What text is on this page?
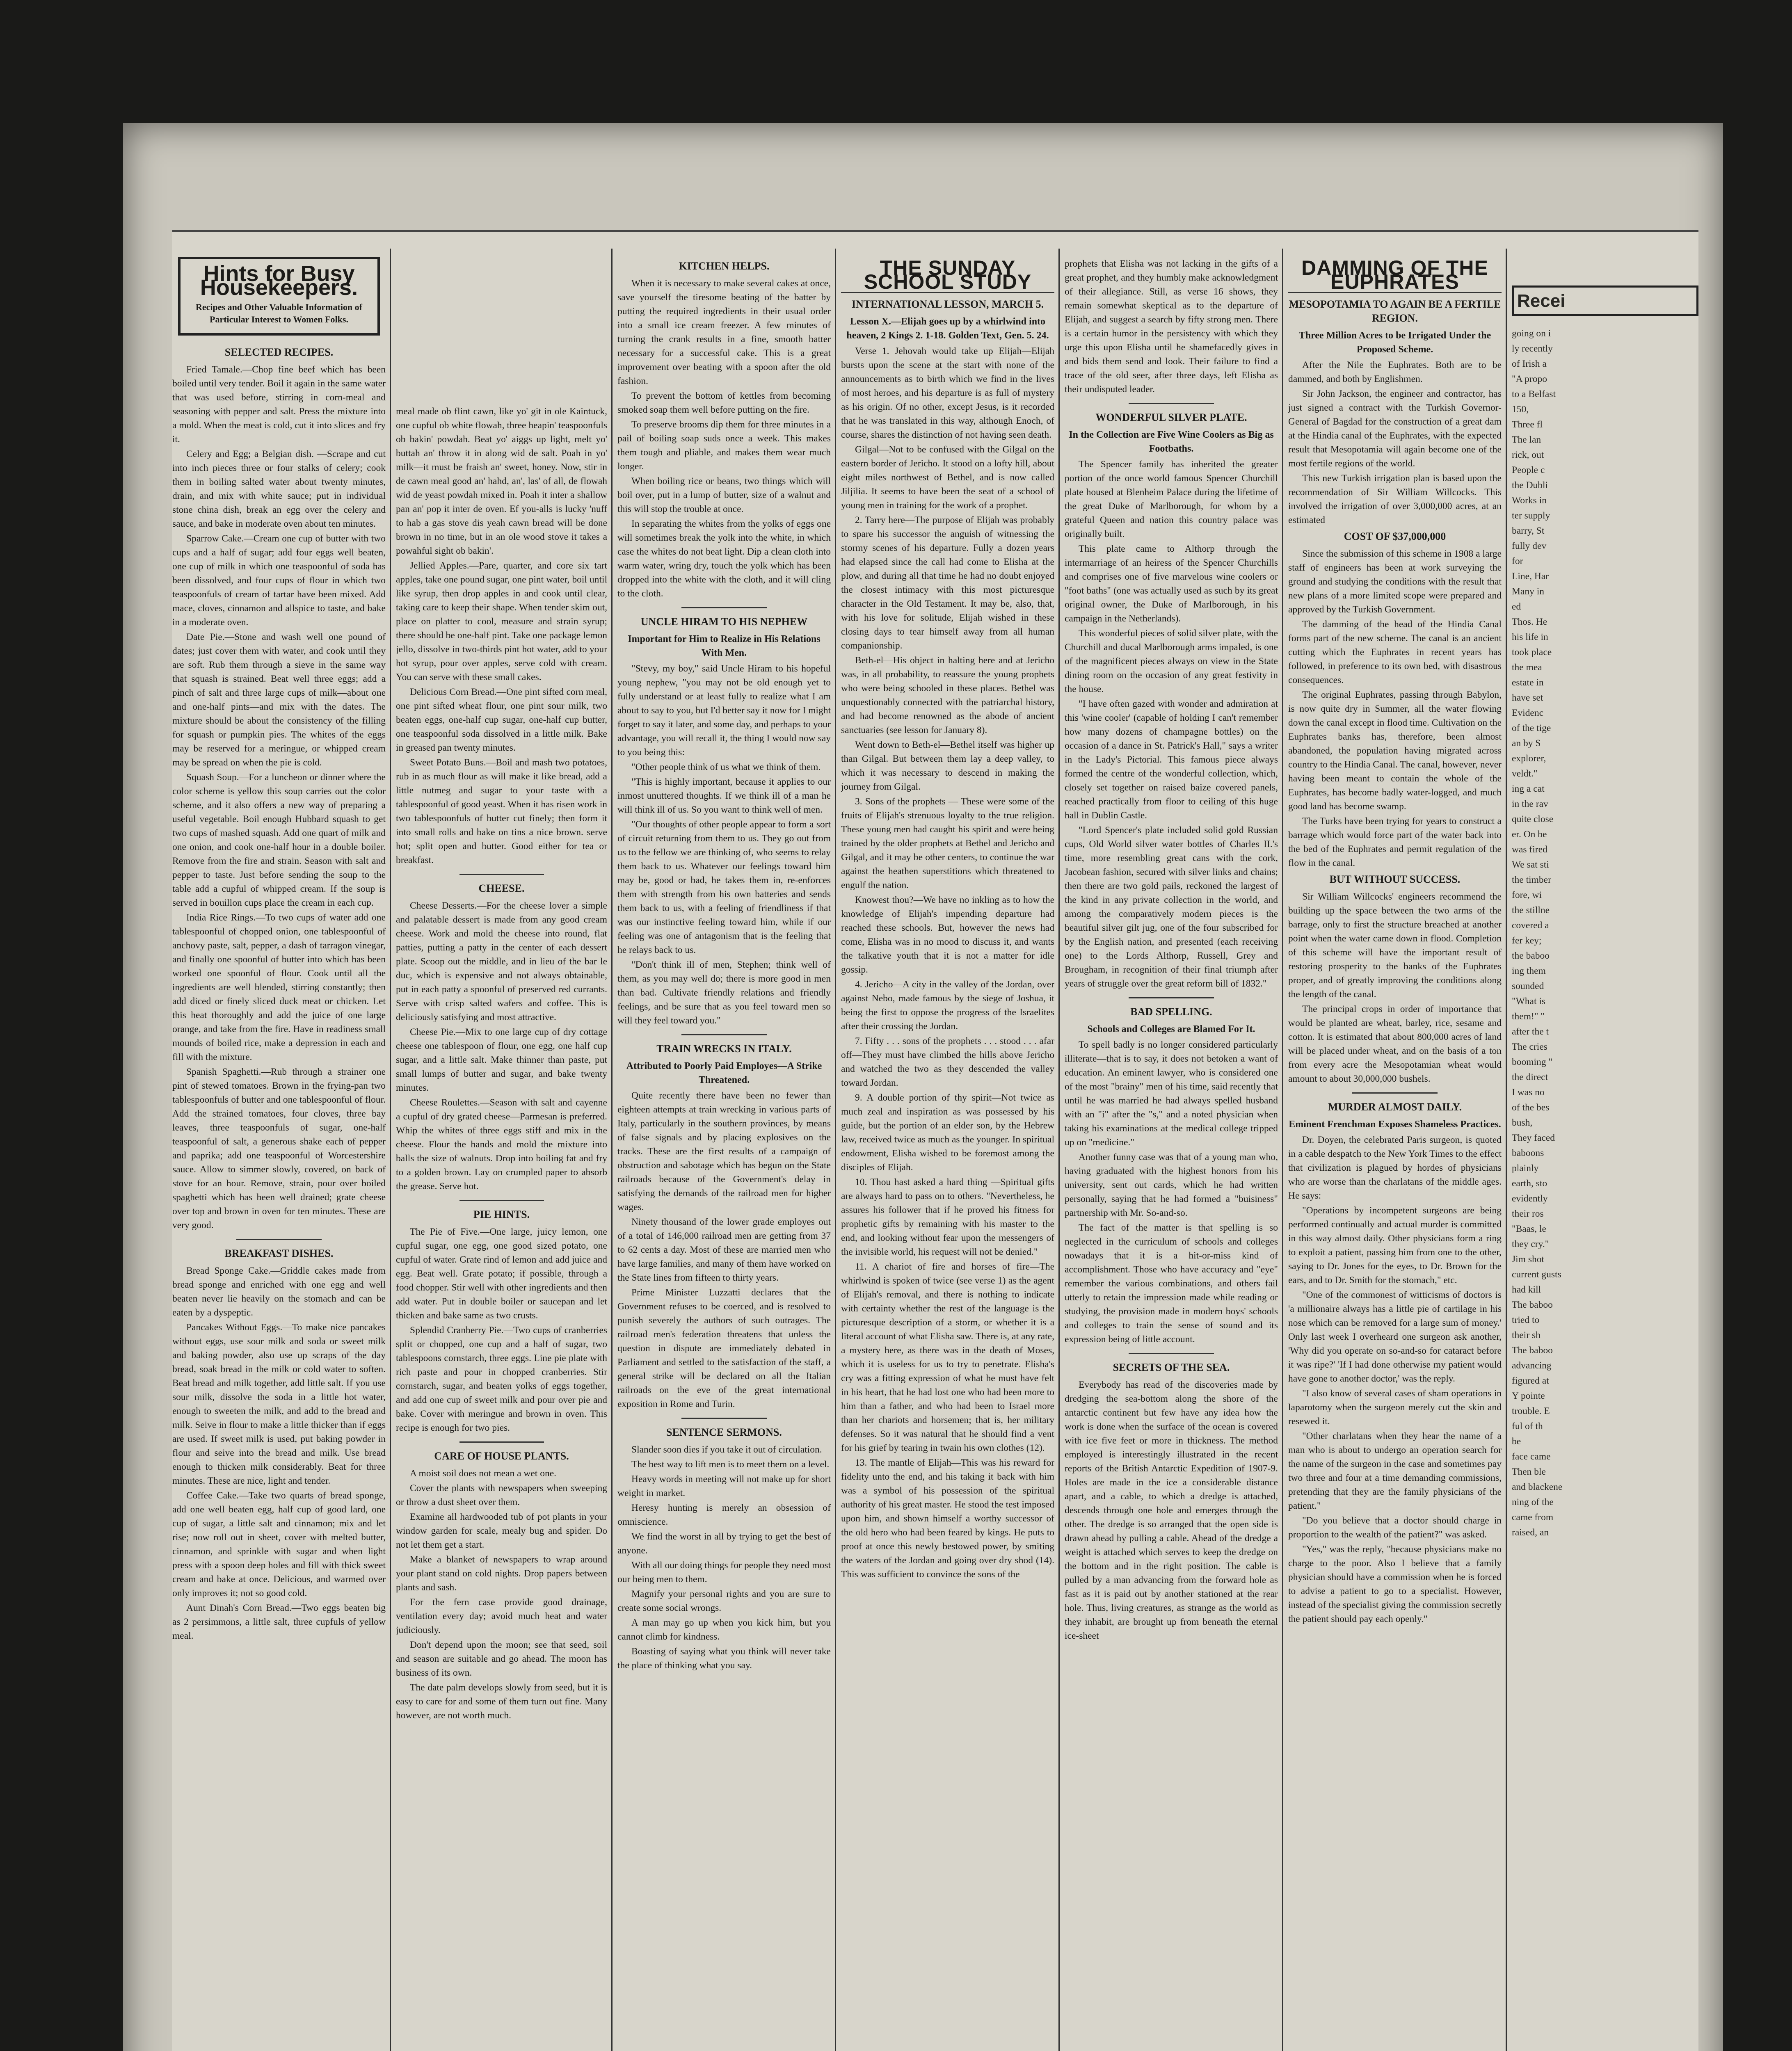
Hints for Busy Housekeepers.
Recipes and Other Valuable Information of Particular Interest to Women Folks.
SELECTED RECIPES.

Fried Tamale.—Chop fine beef which has been boiled until very tender. Boil it again in the same water that was used before, stirring in corn-meal and seasoning with pepper and salt. Press the mixture into a mold. When the meat is cold, cut it into slices and fry it.

Celery and Egg; a Belgian dish. —Scrape and cut into inch pieces three or four stalks of celery; cook them in boiling salted water about twenty minutes, drain, and mix with white sauce; put in individual stone china dish, break an egg over the celery and sauce, and bake in moderate oven about ten minutes.

Sparrow Cake.—Cream one cup of butter with two cups and a half of sugar; add four eggs well beaten, one cup of milk in which one teaspoonful of soda has been dissolved, and four cups of flour in which two teaspoonfuls of cream of tartar have been mixed. Add mace, cloves, cinnamon and allspice to taste, and bake in a moderate oven.

Date Pie.—Stone and wash well one pound of dates; just cover them with water, and cook until they are soft. Rub them through a sieve in the same way that squash is strained. Beat well three eggs; add a pinch of salt and three large cups of milk—about one and one-half pints—and mix with the dates. The mixture should be about the consistency of the filling for squash or pumpkin pies. The whites of the eggs may be reserved for a meringue, or whipped cream may be spread on when the pie is cold.

Squash Soup.—For a luncheon or dinner where the color scheme is yellow this soup carries out the color scheme, and it also offers a new way of preparing a useful vegetable. Boil enough Hubbard squash to get two cups of mashed squash. Add one quart of milk and one onion, and cook one-half hour in a double boiler. Remove from the fire and strain. Season with salt and pepper to taste. Just before sending the soup to the table add a cupful of whipped cream. If the soup is served in bouillon cups place the cream in each cup.

India Rice Rings.—To two cups of water add one tablespoonful of chopped onion, one tablespoonful of anchovy paste, salt, pepper, a dash of tarragon vinegar, and finally one spoonful of butter into which has been worked one spoonful of flour. Cook until all the ingredients are well blended, stirring constantly; then add diced or finely sliced duck meat or chicken. Let this heat thoroughly and add the juice of one large orange, and take from the fire. Have in readiness small mounds of boiled rice, make a depression in each and fill with the mixture.

Spanish Spaghetti.—Rub through a strainer one pint of stewed tomatoes. Brown in the frying-pan two tablespoonfuls of butter and one tablespoonful of flour. Add the strained tomatoes, four cloves, three bay leaves, three teaspoonfuls of sugar, one-half teaspoonful of salt, a generous shake each of pepper and paprika; add one teaspoonful of Worcestershire sauce. Allow to simmer slowly, covered, on back of stove for an hour. Remove, strain, pour over boiled spaghetti which has been well drained; grate cheese over top and brown in oven for ten minutes. These are very good.

BREAKFAST DISHES.

Bread Sponge Cake.—Griddle cakes made from bread sponge and enriched with one egg and well beaten never lie heavily on the stomach and can be eaten by a dyspeptic.

Pancakes Without Eggs.—To make nice pancakes without eggs, use sour milk and soda or sweet milk and baking powder, also use up scraps of the day bread, soak bread in the milk or cold water to soften. Beat bread and milk together, add little salt. If you use sour milk, dissolve the soda in a little hot water, enough to sweeten the milk, and add to the bread and milk. Seive in flour to make a little thicker than if eggs are used. If sweet milk is used, put baking powder in flour and seive into the bread and milk. Use bread enough to thicken milk considerably. Beat for three minutes. These are nice, light and tender.

Coffee Cake.—Take two quarts of bread sponge, add one well beaten egg, half cup of good lard, one cup of sugar, a little salt and cinnamon; mix and let rise; now roll out in sheet, cover with melted butter, cinnamon, and sprinkle with sugar and when light press with a spoon deep holes and fill with thick sweet cream and bake at once. Delicious, and warmed over only improves it; not so good cold.

Aunt Dinah's Corn Bread.—Two eggs beaten big as 2 persimmons, a little salt, three cupfuls of yellow meal.

meal made ob flint cawn, like yo' git in ole Kaintuck, one cupful ob white flowah, three heapin' teaspoonfuls ob bakin' powdah. Beat yo' aiggs up light, melt yo' buttah an' throw it in along wid de salt. Poah in yo' milk—it must be fraish an' sweet, honey. Now, stir in de cawn meal good an' hahd, an', las' of all, de flowah wid de yeast powdah mixed in. Poah it inter a shallow pan an' pop it inter de oven. Ef you-alls is lucky 'nuff to hab a gas stove dis yeah cawn bread will be done brown in no time, but in an ole wood stove it takes a powahful sight ob bakin'.

Jellied Apples.—Pare, quarter, and core six tart apples, take one pound sugar, one pint water, boil until like syrup, then drop apples in and cook until clear, taking care to keep their shape. When tender skim out, place on platter to cool, measure and strain syrup; there should be one-half pint. Take one package lemon jello, dissolve in two-thirds pint hot water, add to your hot syrup, pour over apples, serve cold with cream. You can serve with these small cakes.

Delicious Corn Bread.—One pint sifted corn meal, one pint sifted wheat flour, one pint sour milk, two beaten eggs, one-half cup sugar, one-half cup butter, one teaspoonful soda dissolved in a little milk. Bake in greased pan twenty minutes.

Sweet Potato Buns.—Boil and mash two potatoes, rub in as much flour as will make it like bread, add a little nutmeg and sugar to your taste with a tablespoonful of good yeast. When it has risen work in two tablespoonfuls of butter cut finely; then form it into small rolls and bake on tins a nice brown. serve hot; split open and butter. Good either for tea or breakfast.

CHEESE.

Cheese Desserts.—For the cheese lover a simple and palatable dessert is made from any good cream cheese. Work and mold the cheese into round, flat patties, putting a patty in the center of each dessert plate. Scoop out the middle, and in lieu of the bar le duc, which is expensive and not always obtainable, put in each patty a spoonful of preserved red currants. Serve with crisp salted wafers and coffee. This is deliciously satisfying and most attractive.

Cheese Pie.—Mix to one large cup of dry cottage cheese one tablespoon of flour, one egg, one half cup sugar, and a little salt. Make thinner than paste, put small lumps of butter and sugar, and bake twenty minutes.

Cheese Roulettes.—Season with salt and cayenne a cupful of dry grated cheese—Parmesan is preferred. Whip the whites of three eggs stiff and mix in the cheese. Flour the hands and mold the mixture into balls the size of walnuts. Drop into boiling fat and fry to a golden brown. Lay on crumpled paper to absorb the grease. Serve hot.

PIE HINTS.

The Pie of Five.—One large, juicy lemon, one cupful sugar, one egg, one good sized potato, one cupful of water. Grate rind of lemon and add juice and egg. Beat well. Grate potato; if possible, through a food chopper. Stir well with other ingredients and then add water. Put in double boiler or saucepan and let thicken and bake same as two crusts.

Splendid Cranberry Pie.—Two cups of cranberries split or chopped, one cup and a half of sugar, two tablespoons cornstarch, three eggs. Line pie plate with rich paste and pour in chopped cranberries. Stir cornstarch, sugar, and beaten yolks of eggs together, and add one cup of sweet milk and pour over pie and bake. Cover with meringue and brown in oven. This recipe is enough for two pies.

CARE OF HOUSE PLANTS.

A moist soil does not mean a wet one.

Cover the plants with newspapers when sweeping or throw a dust sheet over them.

Examine all hardwooded tub of pot plants in your window garden for scale, mealy bug and spider. Do not let them get a start.

Make a blanket of newspapers to wrap around your plant stand on cold nights. Drop papers between plants and sash.

For the fern case provide good drainage, ventilation every day; avoid much heat and water judiciously.

Don't depend upon the moon; see that seed, soil and season are suitable and go ahead. The moon has business of its own.

The date palm develops slowly from seed, but it is easy to care for and some of them turn out fine. Many however, are not worth much.

KITCHEN HELPS.

When it is necessary to make several cakes at once, save yourself the tiresome beating of the batter by putting the required ingredients in their usual order into a small ice cream freezer. A few minutes of turning the crank results in a fine, smooth batter necessary for a successful cake. This is a great improvement over beating with a spoon after the old fashion.

To prevent the bottom of kettles from becoming smoked soap them well before putting on the fire.

To preserve brooms dip them for three minutes in a pail of boiling soap suds once a week. This makes them tough and pliable, and makes them wear much longer.

When boiling rice or beans, two things which will boil over, put in a lump of butter, size of a walnut and this will stop the trouble at once.

In separating the whites from the yolks of eggs one will sometimes break the yolk into the white, in which case the whites do not beat light. Dip a clean cloth into warm water, wring dry, touch the yolk which has been dropped into the white with the cloth, and it will cling to the cloth.

UNCLE HIRAM TO HIS NEPHEW
Important for Him to Realize in His Relations With Men.

"Stevy, my boy," said Uncle Hiram to his hopeful young nephew, "you may not be old enough yet to fully understand or at least fully to realize what I am about to say to you, but I'd better say it now for I might forget to say it later, and some day, and perhaps to your advantage, you will recall it, the thing I would now say to you being this:

"Other people think of us what we think of them.

"This is highly important, because it applies to our inmost unuttered thoughts. If we think ill of a man he will think ill of us. So you want to think well of men.

"Our thoughts of other people appear to form a sort of circuit returning from them to us. They go out from us to the fellow we are thinking of, who seems to relay them back to us. Whatever our feelings toward him may be, good or bad, he takes them in, re-enforces them with strength from his own batteries and sends them back to us, with a feeling of friendliness if that was our instinctive feeling toward him, while if our feeling was one of antagonism that is the feeling that he relays back to us.

"Don't think ill of men, Stephen; think well of them, as you may well do; there is more good in men than bad. Cultivate friendly relations and friendly feelings, and be sure that as you feel toward men so will they feel toward you."

TRAIN WRECKS IN ITALY.
Attributed to Poorly Paid Employes—A Strike Threatened.

Quite recently there have been no fewer than eighteen attempts at train wrecking in various parts of Italy, particularly in the southern provinces, by means of false signals and by placing explosives on the tracks. These are the first results of a campaign of obstruction and sabotage which has begun on the State railroads because of the Government's delay in satisfying the demands of the railroad men for higher wages.

Ninety thousand of the lower grade employes out of a total of 146,000 railroad men are getting from 37 to 62 cents a day. Most of these are married men who have large families, and many of them have worked on the State lines from fifteen to thirty years.

Prime Minister Luzzatti declares that the Government refuses to be coerced, and is resolved to punish severely the authors of such outrages. The railroad men's federation threatens that unless the question in dispute are immediately debated in Parliament and settled to the satisfaction of the staff, a general strike will be declared on all the Italian railroads on the eve of the great international exposition in Rome and Turin.

SENTENCE SERMONS.

Slander soon dies if you take it out of circulation.

The best way to lift men is to meet them on a level.

Heavy words in meeting will not make up for short weight in market.

Heresy hunting is merely an obsession of omniscience.

We find the worst in all by trying to get the best of anyone.

With all our doing things for people they need most our being men to them.

Magnify your personal rights and you are sure to create some social wrongs.

A man may go up when you kick him, but you cannot climb for kindness.

Boasting of saying what you think will never take the place of thinking what you say.

THE SUNDAY SCHOOL STUDY
INTERNATIONAL LESSON, MARCH 5.
Lesson X.—Elijah goes up by a whirlwind into heaven, 2 Kings 2. 1-18. Golden Text, Gen. 5. 24.

Verse 1. Jehovah would take up Elijah—Elijah bursts upon the scene at the start with none of the announcements as to birth which we find in the lives of most heroes, and his departure is as full of mystery as his origin. Of no other, except Jesus, is it recorded that he was translated in this way, although Enoch, of course, shares the distinction of not having seen death.

Gilgal—Not to be confused with the Gilgal on the eastern border of Jericho. It stood on a lofty hill, about eight miles northwest of Bethel, and is now called Jiljilia. It seems to have been the seat of a school of young men in training for the work of a prophet.

2. Tarry here—The purpose of Elijah was probably to spare his successor the anguish of witnessing the stormy scenes of his departure. Fully a dozen years had elapsed since the call had come to Elisha at the plow, and during all that time he had no doubt enjoyed the closest intimacy with this most picturesque character in the Old Testament. It may be, also, that, with his love for solitude, Elijah wished in these closing days to tear himself away from all human companionship.

Beth-el—His object in halting here and at Jericho was, in all probability, to reassure the young prophets who were being schooled in these places. Bethel was unquestionably connected with the patriarchal history, and had become renowned as the abode of ancient sanctuaries (see lesson for January 8).

Went down to Beth-el—Bethel itself was higher up than Gilgal. But between them lay a deep valley, to which it was necessary to descend in making the journey from Gilgal.

3. Sons of the prophets — These were some of the fruits of Elijah's strenuous loyalty to the true religion. These young men had caught his spirit and were being trained by the older prophets at Bethel and Jericho and Gilgal, and it may be other centers, to continue the war against the heathen superstitions which threatened to engulf the nation.

Knowest thou?—We have no inkling as to how the knowledge of Elijah's impending departure had reached these schools. But, however the news had come, Elisha was in no mood to discuss it, and wants the talkative youth that it is not a matter for idle gossip.

4. Jericho—A city in the valley of the Jordan, over against Nebo, made famous by the siege of Joshua, it being the first to oppose the progress of the Israelites after their crossing the Jordan.

7. Fifty . . . sons of the prophets . . . stood . . . afar off—They must have climbed the hills above Jericho and watched the two as they descended the valley toward Jordan.

9. A double portion of thy spirit—Not twice as much zeal and inspiration as was possessed by his guide, but the portion of an elder son, by the Hebrew law, received twice as much as the younger. In spiritual endowment, Elisha wished to be foremost among the disciples of Elijah.

10. Thou hast asked a hard thing —Spiritual gifts are always hard to pass on to others. "Nevertheless, he assures his follower that if he proved his fitness for prophetic gifts by remaining with his master to the end, and looking without fear upon the messengers of the invisible world, his request will not be denied."

11. A chariot of fire and horses of fire—The whirlwind is spoken of twice (see verse 1) as the agent of Elijah's removal, and there is nothing to indicate with certainty whether the rest of the language is the picturesque description of a storm, or whether it is a literal account of what Elisha saw. There is, at any rate, a mystery here, as there was in the death of Moses, which it is useless for us to try to penetrate. Elisha's cry was a fitting expression of what he must have felt in his heart, that he had lost one who had been more to him than a father, and who had been to Israel more than her chariots and horsemen; that is, her military defenses. So it was natural that he should find a vent for his grief by tearing in twain his own clothes (12).

13. The mantle of Elijah—This was his reward for fidelity unto the end, and his taking it back with him was a symbol of his possession of the spiritual authority of his great master. He stood the test imposed upon him, and shown himself a worthy successor of the old hero who had been feared by kings. He puts to proof at once this newly bestowed power, by smiting the waters of the Jordan and going over dry shod (14). This was sufficient to convince the sons of the

prophets that Elisha was not lacking in the gifts of a great prophet, and they humbly make acknowledgment of their allegiance. Still, as verse 16 shows, they remain somewhat skeptical as to the departure of Elijah, and suggest a search by fifty strong men. There is a certain humor in the persistency with which they urge this upon Elisha until he shamefacedly gives in and bids them send and look. Their failure to find a trace of the old seer, after three days, left Elisha as their undisputed leader.

WONDERFUL SILVER PLATE.
In the Collection are Five Wine Coolers as Big as Footbaths.

The Spencer family has inherited the greater portion of the once world famous Spencer Churchill plate housed at Blenheim Palace during the lifetime of the great Duke of Marlborough, for whom by a grateful Queen and nation this country palace was originally built.

This plate came to Althorp through the intermarriage of an heiress of the Spencer Churchills and comprises one of five marvelous wine coolers or "foot baths" (one was actually used as such by its great original owner, the Duke of Marlborough, in his campaign in the Netherlands).

This wonderful pieces of solid silver plate, with the Churchill and ducal Marlborough arms impaled, is one of the magnificent pieces always on view in the State dining room on the occasion of any great festivity in the house.

"I have often gazed with wonder and admiration at this 'wine cooler' (capable of holding I can't remember how many dozens of champagne bottles) on the occasion of a dance in St. Patrick's Hall," says a writer in the Lady's Pictorial. This famous piece always formed the centre of the wonderful collection, which, closely set together on raised baize covered panels, reached practically from floor to ceiling of this huge hall in Dublin Castle.

"Lord Spencer's plate included solid gold Russian cups, Old World silver water bottles of Charles II.'s time, more resembling great cans with the cork, Jacobean fashion, secured with silver links and chains; then there are two gold pails, reckoned the largest of the kind in any private collection in the world, and among the comparatively modern pieces is the beautiful silver gilt jug, one of the four subscribed for by the English nation, and presented (each receiving one) to the Lords Althorp, Russell, Grey and Brougham, in recognition of their final triumph after years of struggle over the great reform bill of 1832."

BAD SPELLING.
Schools and Colleges are Blamed For It.

To spell badly is no longer considered particularly illiterate—that is to say, it does not betoken a want of education. An eminent lawyer, who is considered one of the most "brainy" men of his time, said recently that until he was married he had always spelled husband with an "i" after the "s," and a noted physician when taking his examinations at the medical college tripped up on "medicine."

Another funny case was that of a young man who, having graduated with the highest honors from his university, sent out cards, which he had written personally, saying that he had formed a "buisiness" partnership with Mr. So-and-so.

The fact of the matter is that spelling is so neglected in the curriculum of schools and colleges nowadays that it is a hit-or-miss kind of accomplishment. Those who have accuracy and "eye" remember the various combinations, and others fail utterly to retain the impression made while reading or studying, the provision made in modern boys' schools and colleges to train the sense of sound and its expression being of little account.

SECRETS OF THE SEA.

Everybody has read of the discoveries made by dredging the sea-bottom along the shore of the antarctic continent but few have any idea how the work is done when the surface of the ocean is covered with ice five feet or more in thickness. The method employed is interestingly illustrated in the recent reports of the British Antarctic Expedition of 1907-9. Holes are made in the ice a considerable distance apart, and a cable, to which a dredge is attached, descends through one hole and emerges through the other. The dredge is so arranged that the open side is drawn ahead by pulling a cable. Ahead of the dredge a weight is attached which serves to keep the dredge on the bottom and in the right position. The cable is pulled by a man advancing from the forward hole as fast as it is paid out by another stationed at the rear hole. Thus, living creatures, as strange as the world as they inhabit, are brought up from beneath the eternal ice-sheet

DAMMING OF THE EUPHRATES
MESOPOTAMIA TO AGAIN BE A FERTILE REGION.
Three Million Acres to be Irrigated Under the Proposed Scheme.

After the Nile the Euphrates. Both are to be dammed, and both by Englishmen.

Sir John Jackson, the engineer and contractor, has just signed a contract with the Turkish Governor-General of Bagdad for the construction of a great dam at the Hindia canal of the Euphrates, with the expected result that Mesopotamia will again become one of the most fertile regions of the world.

This new Turkish irrigation plan is based upon the recommendation of Sir William Willcocks. This involved the irrigation of over 3,000,000 acres, at an estimated

COST OF $37,000,000

Since the submission of this scheme in 1908 a large staff of engineers has been at work surveying the ground and studying the conditions with the result that new plans of a more limited scope were prepared and approved by the Turkish Government.

The damming of the head of the Hindia Canal forms part of the new scheme. The canal is an ancient cutting which the Euphrates in recent years has followed, in preference to its own bed, with disastrous consequences.

The original Euphrates, passing through Babylon, is now quite dry in Summer, all the water flowing down the canal except in flood time. Cultivation on the Euphrates banks has, therefore, been almost abandoned, the population having migrated across country to the Hindia Canal. The canal, however, never having been meant to contain the whole of the Euphrates, has become badly water-logged, and much good land has become swamp.

The Turks have been trying for years to construct a barrage which would force part of the water back into the bed of the Euphrates and permit regulation of the flow in the canal.

BUT WITHOUT SUCCESS.

Sir William Willcocks' engineers recommend the building up the space between the two arms of the barrage, only to first the structure breached at another point when the water came down in flood. Completion of this scheme will have the important result of restoring prosperity to the banks of the Euphrates proper, and of greatly improving the conditions along the length of the canal.

The principal crops in order of importance that would be planted are wheat, barley, rice, sesame and cotton. It is estimated that about 800,000 acres of land will be placed under wheat, and on the basis of a ton from every acre the Mesopotamian wheat would amount to about 30,000,000 bushels.

MURDER ALMOST DAILY.
Eminent Frenchman Exposes Shameless Practices.

Dr. Doyen, the celebrated Paris surgeon, is quoted in a cable despatch to the New York Times to the effect that civilization is plagued by hordes of physicians who are worse than the charlatans of the middle ages. He says:

"Operations by incompetent surgeons are being performed continually and actual murder is committed in this way almost daily. Other physicians form a ring to exploit a patient, passing him from one to the other, saying to Dr. Jones for the eyes, to Dr. Brown for the ears, and to Dr. Smith for the stomach," etc.

"One of the commonest of witticisms of doctors is 'a millionaire always has a little pie of cartilage in his nose which can be removed for a large sum of money.' Only last week I overheard one surgeon ask another, 'Why did you operate on so-and-so for cataract before it was ripe?' 'If I had done otherwise my patient would have gone to another doctor,' was the reply.

"I also know of several cases of sham operations in laparotomy when the surgeon merely cut the skin and resewed it.

"Other charlatans when they hear the name of a man who is about to undergo an operation search for the name of the surgeon in the case and sometimes pay two three and four at a time demanding commissions, pretending that they are the family physicians of the patient."

"Do you believe that a doctor should charge in proportion to the wealth of the patient?" was asked.

"Yes," was the reply, "because physicians make no charge to the poor. Also I believe that a family physician should have a commission when he is forced to advise a patient to go to a specialist. However, instead of the specialist giving the commission secretly the patient should pay each openly."

Recei
going on i
ly recently
of Irish a
"A propo
to a Belfast
150,
Three fl
The lan
rick, out
People c
the Dubli
Works in
ter supply
barry, St
fully dev
for
Line, Har
Many in
ed
Thos. He
his life in
took place
the mea
estate in
have set
Evidenc
of the tige
an by S
explorer,
veldt."
ing a cat
in the rav
quite close
er. On be
was fired
We sat sti
the timber
fore, wi
the stillne
covered a
fer key;
the baboo
ing them
sounded
"What is
them!" "
after the t
The cries
booming "
the direct
I was no
of the bes
bush,
They faced
baboons
plainly
earth, sto
evidently
their ros
"Baas, le
they cry."
Jim shot
current gusts
had kill
The baboo
tried to
their sh
The baboo
advancing
figured at
Y pointe
trouble. E
ful of th
be
face came
Then ble
and blackene
ning of the
came from
raised, an
